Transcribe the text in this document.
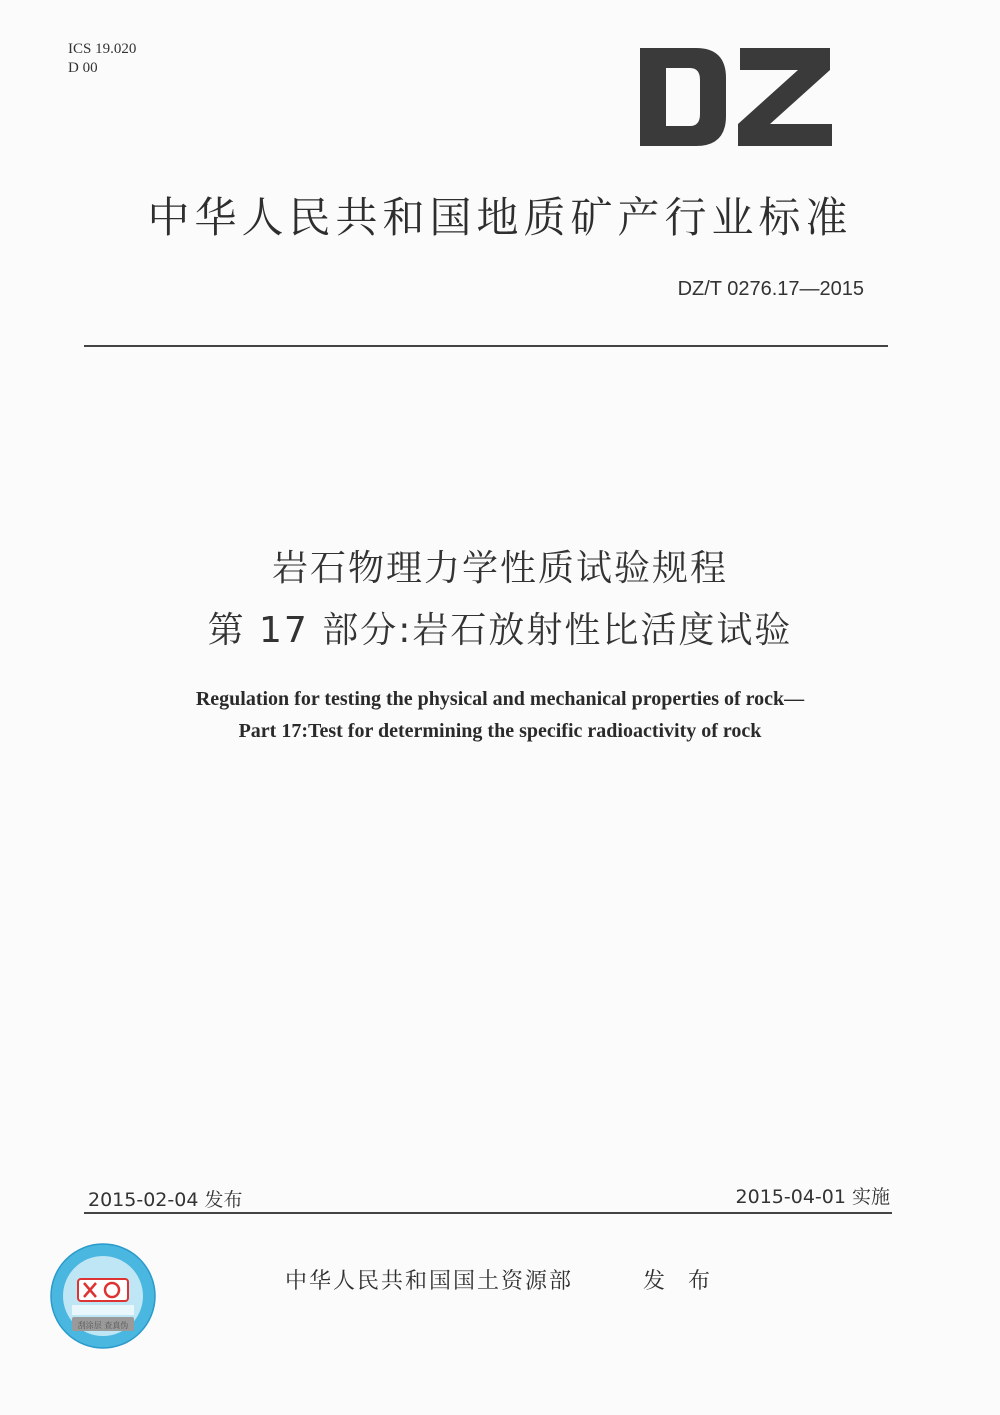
ICS 19.020
D 00
中华人民共和国地质矿产行业标准
DZ/T 0276.17—2015
岩石物理力学性质试验规程
第 17 部分:岩石放射性比活度试验
Regulation for testing the physical and mechanical properties of rock—
Part 17:Test for determining the specific radioactivity of rock
2015-02-04 发布	2015-04-01 实施
刮涂层 查真伪
中华人民共和国国土资源部	发 布
